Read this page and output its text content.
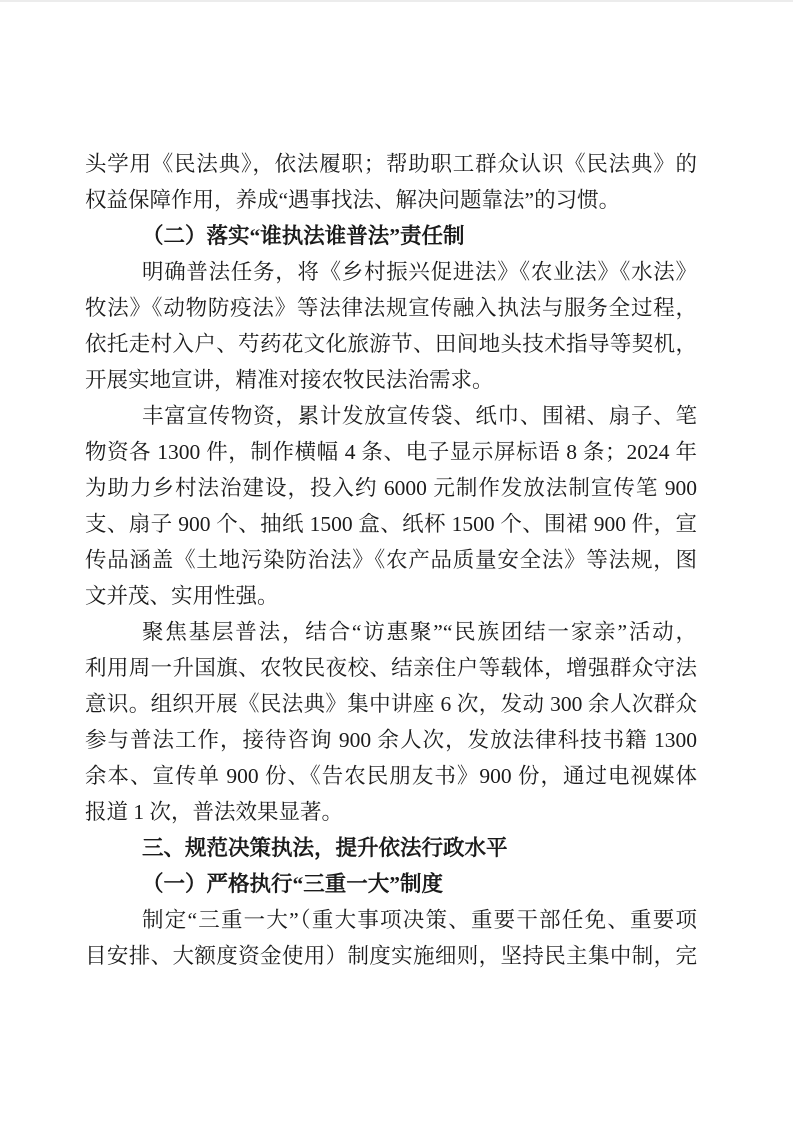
头学用《民法典》，依法履职；帮助职工群众认识《民法典》的
权益保障作用，养成“遇事找法、解决问题靠法”的习惯。
（二）落实“谁执法谁普法”责任制
明确普法任务，将《乡村振兴促进法》《农业法》《水法》
牧法》《动物防疫法》等法律法规宣传融入执法与服务全过程，
依托走村入户、芍药花文化旅游节、田间地头技术指导等契机，
开展实地宣讲，精准对接农牧民法治需求。
丰富宣传物资，累计发放宣传袋、纸巾、围裙、扇子、笔
物资各 1300 件，制作横幅 4 条、电子显示屏标语 8 条；2024 年
为助力乡村法治建设，投入约 6000 元制作发放法制宣传笔 900
支、扇子 900 个、抽纸 1500 盒、纸杯 1500 个、围裙 900 件，宣
传品涵盖《土地污染防治法》《农产品质量安全法》等法规，图
文并茂、实用性强。
聚焦基层普法，结合“访惠聚”“民族团结一家亲”活动，
利用周一升国旗、农牧民夜校、结亲住户等载体，增强群众守法
意识。组织开展《民法典》集中讲座 6 次，发动 300 余人次群众
参与普法工作，接待咨询 900 余人次，发放法律科技书籍 1300
余本、宣传单 900 份、《告农民朋友书》900 份，通过电视媒体
报道 1 次，普法效果显著。
三、规范决策执法，提升依法行政水平
（一）严格执行“三重一大”制度
制定“三重一大”（重大事项决策、重要干部任免、重要项
目安排、大额度资金使用）制度实施细则，坚持民主集中制，完
